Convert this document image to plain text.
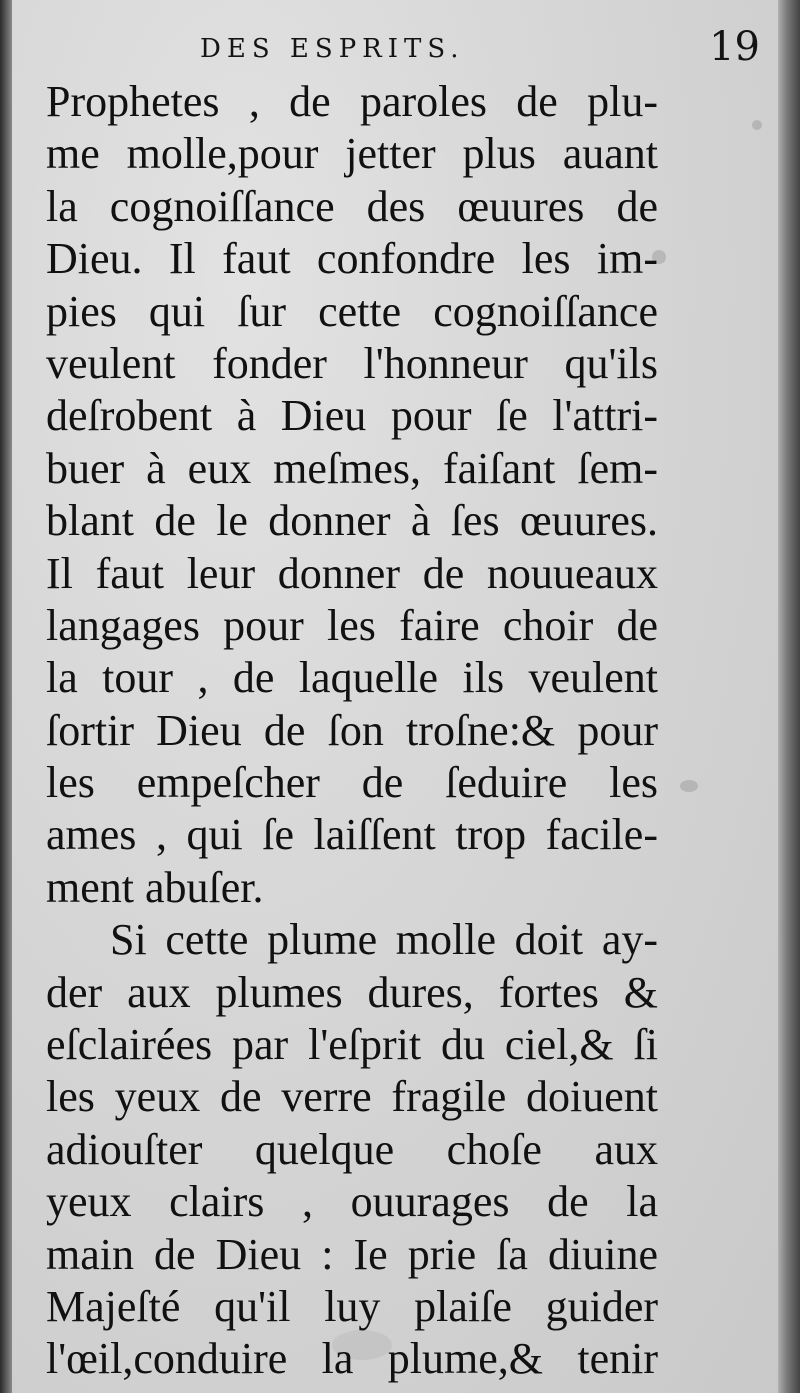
DES ESPRITS.	19
Prophetes , de paroles de plu-
me molle,pour jetter plus auant
la cognoiſſance des œuures de
Dieu. Il faut confondre les im-
pies qui ſur cette cognoiſſance
veulent fonder l'honneur qu'ils
deſrobent à Dieu pour ſe l'attri-
buer à eux meſmes, faiſant ſem-
blant de le donner à ſes œuures.
Il faut leur donner de nouueaux
langages pour les faire choir de
la tour , de laquelle ils veulent
ſortir Dieu de ſon troſne:& pour
les empeſcher de ſeduire les
ames , qui ſe laiſſent trop facile-
ment abuſer.
Si cette plume molle doit ay-
der aux plumes dures, fortes &
eſclairées par l'eſprit du ciel,& ſi
les yeux de verre fragile doiuent
adiouſter quelque choſe aux
yeux clairs , ouurages de la
main de Dieu : Ie prie ſa diuine
Majeſté qu'il luy plaiſe guider
l'œil,conduire la plume,& tenir
